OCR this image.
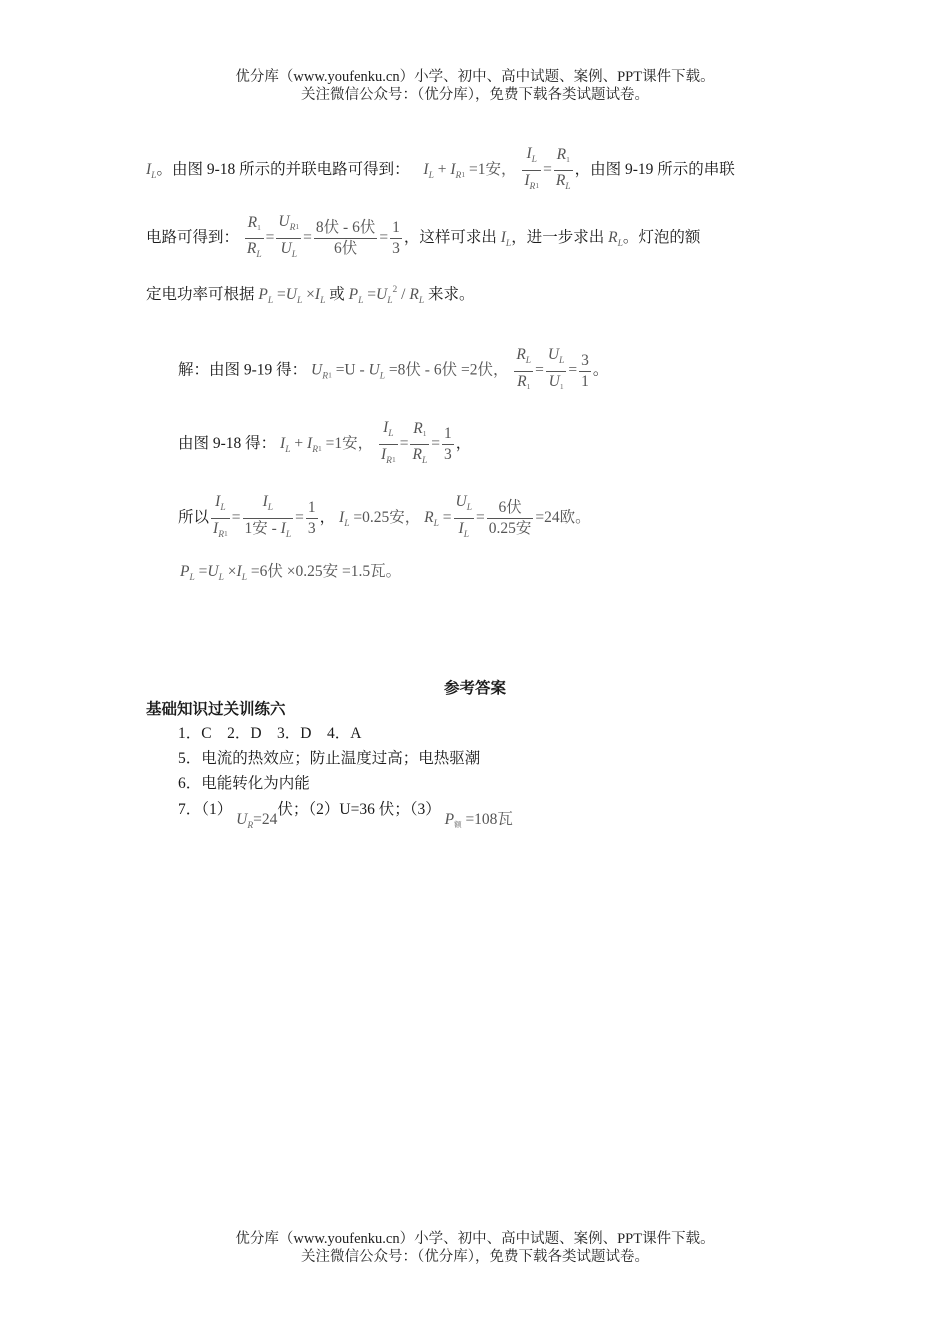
优分库（www.youfenku.cn）小学、初中、高中试题、案例、PPT课件下载。
关注微信公众号：（优分库），免费下载各类试题试卷。
$I_L$。由图 9-18 所示的并联电路可得到： $I_L + I_R1 =1$安， $\frac{I_L}{I_R1} = \frac{R1}{R_L}$ ，由图 9-19 所示的串联
电路可得到： $\frac{R1}{R_L} = \frac{U_R1}{U_L} = \frac{\text{8伏 - 6伏}}{\text{6伏}} = \frac{1}{3}$ ，这样可求出 $I_L$，进一步求出 $R_L$。灯泡的额
定电功率可根据 $P_L =U_L \times I_L$ 或 $P_L =U_L^2 / R_L$ 来求。
解：由图 9-19 得： $U_R1 =U - U_L =8$伏 - 6伏 =2伏， $\frac{R_L}{R1} = \frac{U_L}{U1} = \frac{3}{1}$ 。
由图 9-18 得： $I_L + I_R1 =1$安， $\frac{I_L}{I_R1} = \frac{R1}{R_L} = \frac{1}{3}$ ，
所以 $\frac{I_L}{I_R1} = \frac{I_L}{1安 - I_L} = \frac{1}{3}$ ， $I_L =0.25$安， $R_L = \frac{U_L}{I_L} = \frac{\text{6伏}}{\text{0.25安}} =24$欧。
$P_L =U_L \times I_L =6$伏 ×0.25安 =1.5瓦。
参考答案
基础知识过关训练六
1．C　2．D　3．D　4．A
5．电流的热效应；防止温度过高；电热驱潮
6．电能转化为内能
7．（1） $U_R=24$伏；（2）U=36 伏；（3） P额 =108瓦
优分库（www.youfenku.cn）小学、初中、高中试题、案例、PPT课件下载。
关注微信公众号：（优分库），免费下载各类试题试卷。
